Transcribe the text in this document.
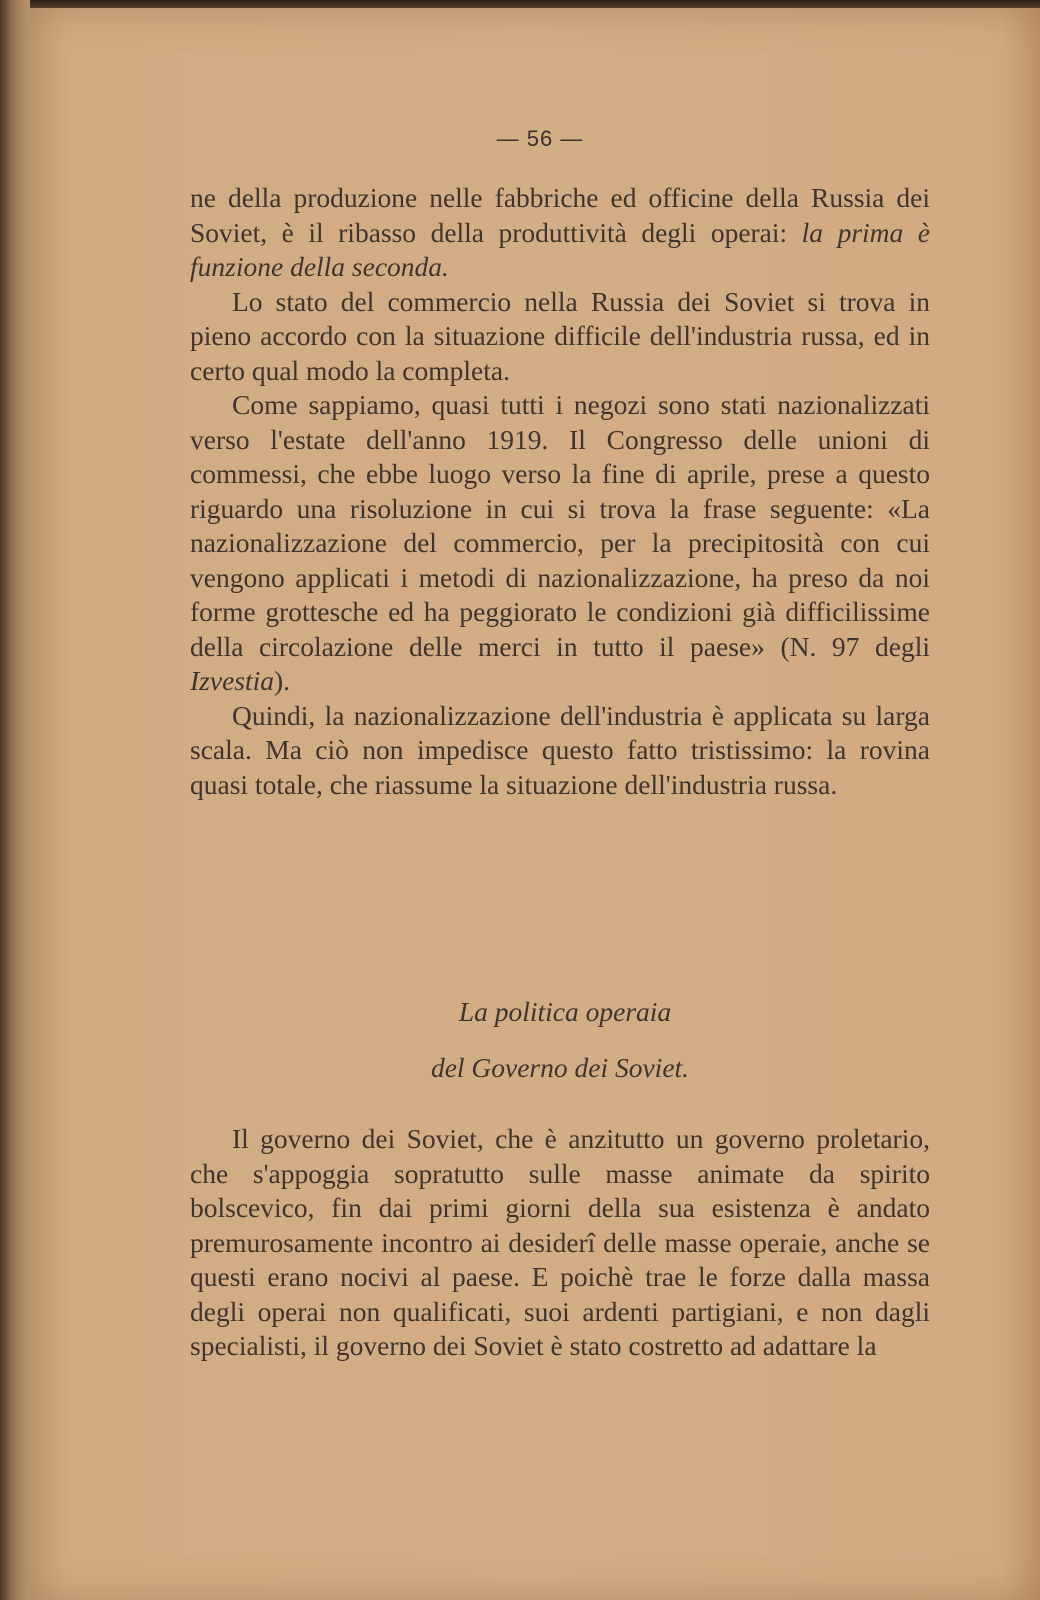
— 56 —

ne della produzione nelle fabbriche ed officine della Russia dei Soviet, è il ribasso della produttività degli operai: la prima è funzione della seconda.

Lo stato del commercio nella Russia dei Soviet si trova in pieno accordo con la situazione difficile dell'industria russa, ed in certo qual modo la completa.

Come sappiamo, quasi tutti i negozi sono stati nazionalizzati verso l'estate dell'anno 1919. Il Congresso delle unioni di commessi, che ebbe luogo verso la fine di aprile, prese a questo riguardo una risoluzione in cui si trova la frase seguente: «La nazionalizzazione del commercio, per la precipitosità con cui vengono applicati i metodi di nazionalizzazione, ha preso da noi forme grottesche ed ha peggiorato le condizioni già difficilissime della circolazione delle merci in tutto il paese» (N. 97 degli Izvestia).

Quindi, la nazionalizzazione dell'industria è applicata su larga scala. Ma ciò non impedisce questo fatto tristissimo: la rovina quasi totale, che riassume la situazione dell'industria russa.

La politica operaia
del Governo dei Soviet.

Il governo dei Soviet, che è anzitutto un governo proletario, che s'appoggia sopratutto sulle masse animate da spirito bolscevico, fin dai primi giorni della sua esistenza è andato premurosamente incontro ai desiderî delle masse operaie, anche se questi erano nocivi al paese. E poichè trae le forze dalla massa degli operai non qualificati, suoi ardenti partigiani, e non dagli specialisti, il governo dei Soviet è stato costretto ad adattare la
